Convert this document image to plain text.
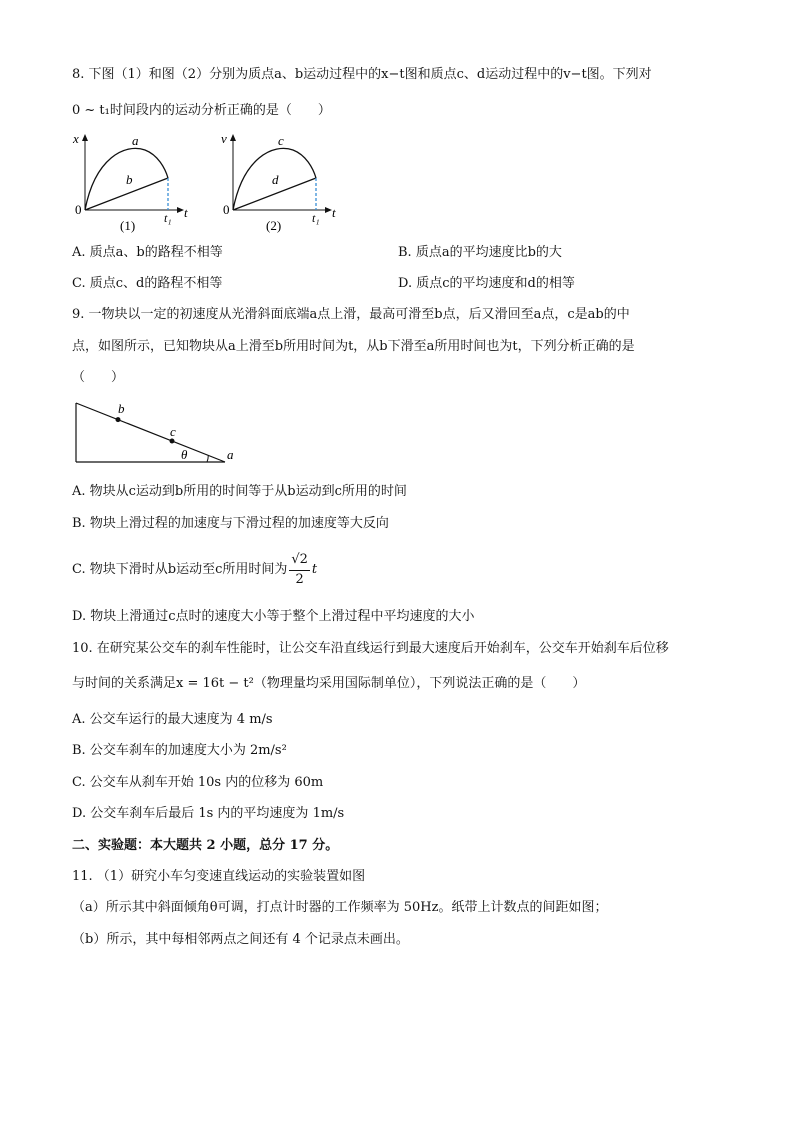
8. 下图（1）和图（2）分别为质点a、b运动过程中的x−t图和质点c、d运动过程中的v−t图。下列对
0 ~ t₁时间段内的运动分析正确的是（　　）
x
t
0
a
b
t₁
(1)
v
t
0
c
d
t₁
(2)
A. 质点a、b的路程不相等	B. 质点a的平均速度比b的大
C. 质点c、d的路程不相等	D. 质点c的平均速度和d的相等
9. 一物块以一定的初速度从光滑斜面底端a点上滑，最高可滑至b点，后又滑回至a点，c是ab的中
点，如图所示，已知物块从a上滑至b所用时间为t，从b下滑至a所用时间也为t，下列分析正确的是
（　　）
b
c
a
θ
A. 物块从c运动到b所用的时间等于从b运动到c所用的时间
B. 物块上滑过程的加速度与下滑过程的加速度等大反向
C. 物块下滑时从b运动至c所用时间为 $\frac{√2}{2}$ t
D. 物块上滑通过c点时的速度大小等于整个上滑过程中平均速度的大小
10. 在研究某公交车的刹车性能时，让公交车沿直线运行到最大速度后开始刹车，公交车开始刹车后位移
与时间的关系满足x = 16t − t²（物理量均采用国际制单位），下列说法正确的是（　　）
A. 公交车运行的最大速度为 4 m/s
B. 公交车刹车的加速度大小为 2m/s²
C. 公交车从刹车开始 10s 内的位移为 60m
D. 公交车刹车后最后 1s 内的平均速度为 1m/s
二、实验题：本大题共 2 小题，总分 17 分。
11. （1）研究小车匀变速直线运动的实验装置如图
（a）所示其中斜面倾角θ可调，打点计时器的工作频率为 50Hz。纸带上计数点的间距如图；
（b）所示，其中每相邻两点之间还有 4 个记录点未画出。
